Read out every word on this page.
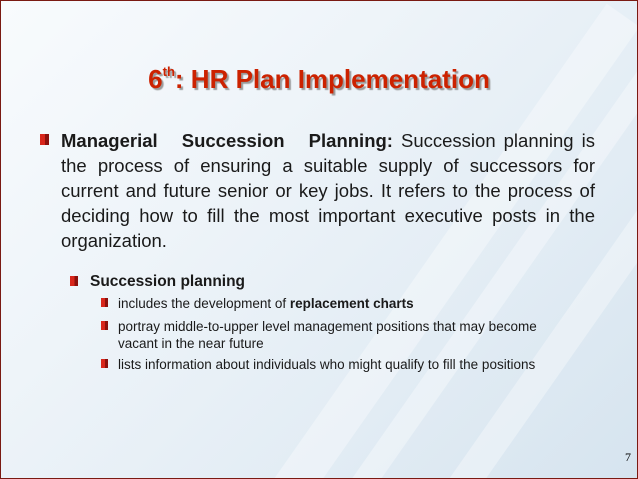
6th: HR Plan Implementation
Managerial   Succession   Planning: Succession planning is the process of ensuring a suitable supply of successors for current and future senior or key jobs. It refers to the process of deciding how to fill the most important executive posts in the organization.
Succession planning
includes the development of replacement charts
portray middle-to-upper level management positions that may become vacant in the near future
lists information about individuals who might qualify to fill the positions
7
